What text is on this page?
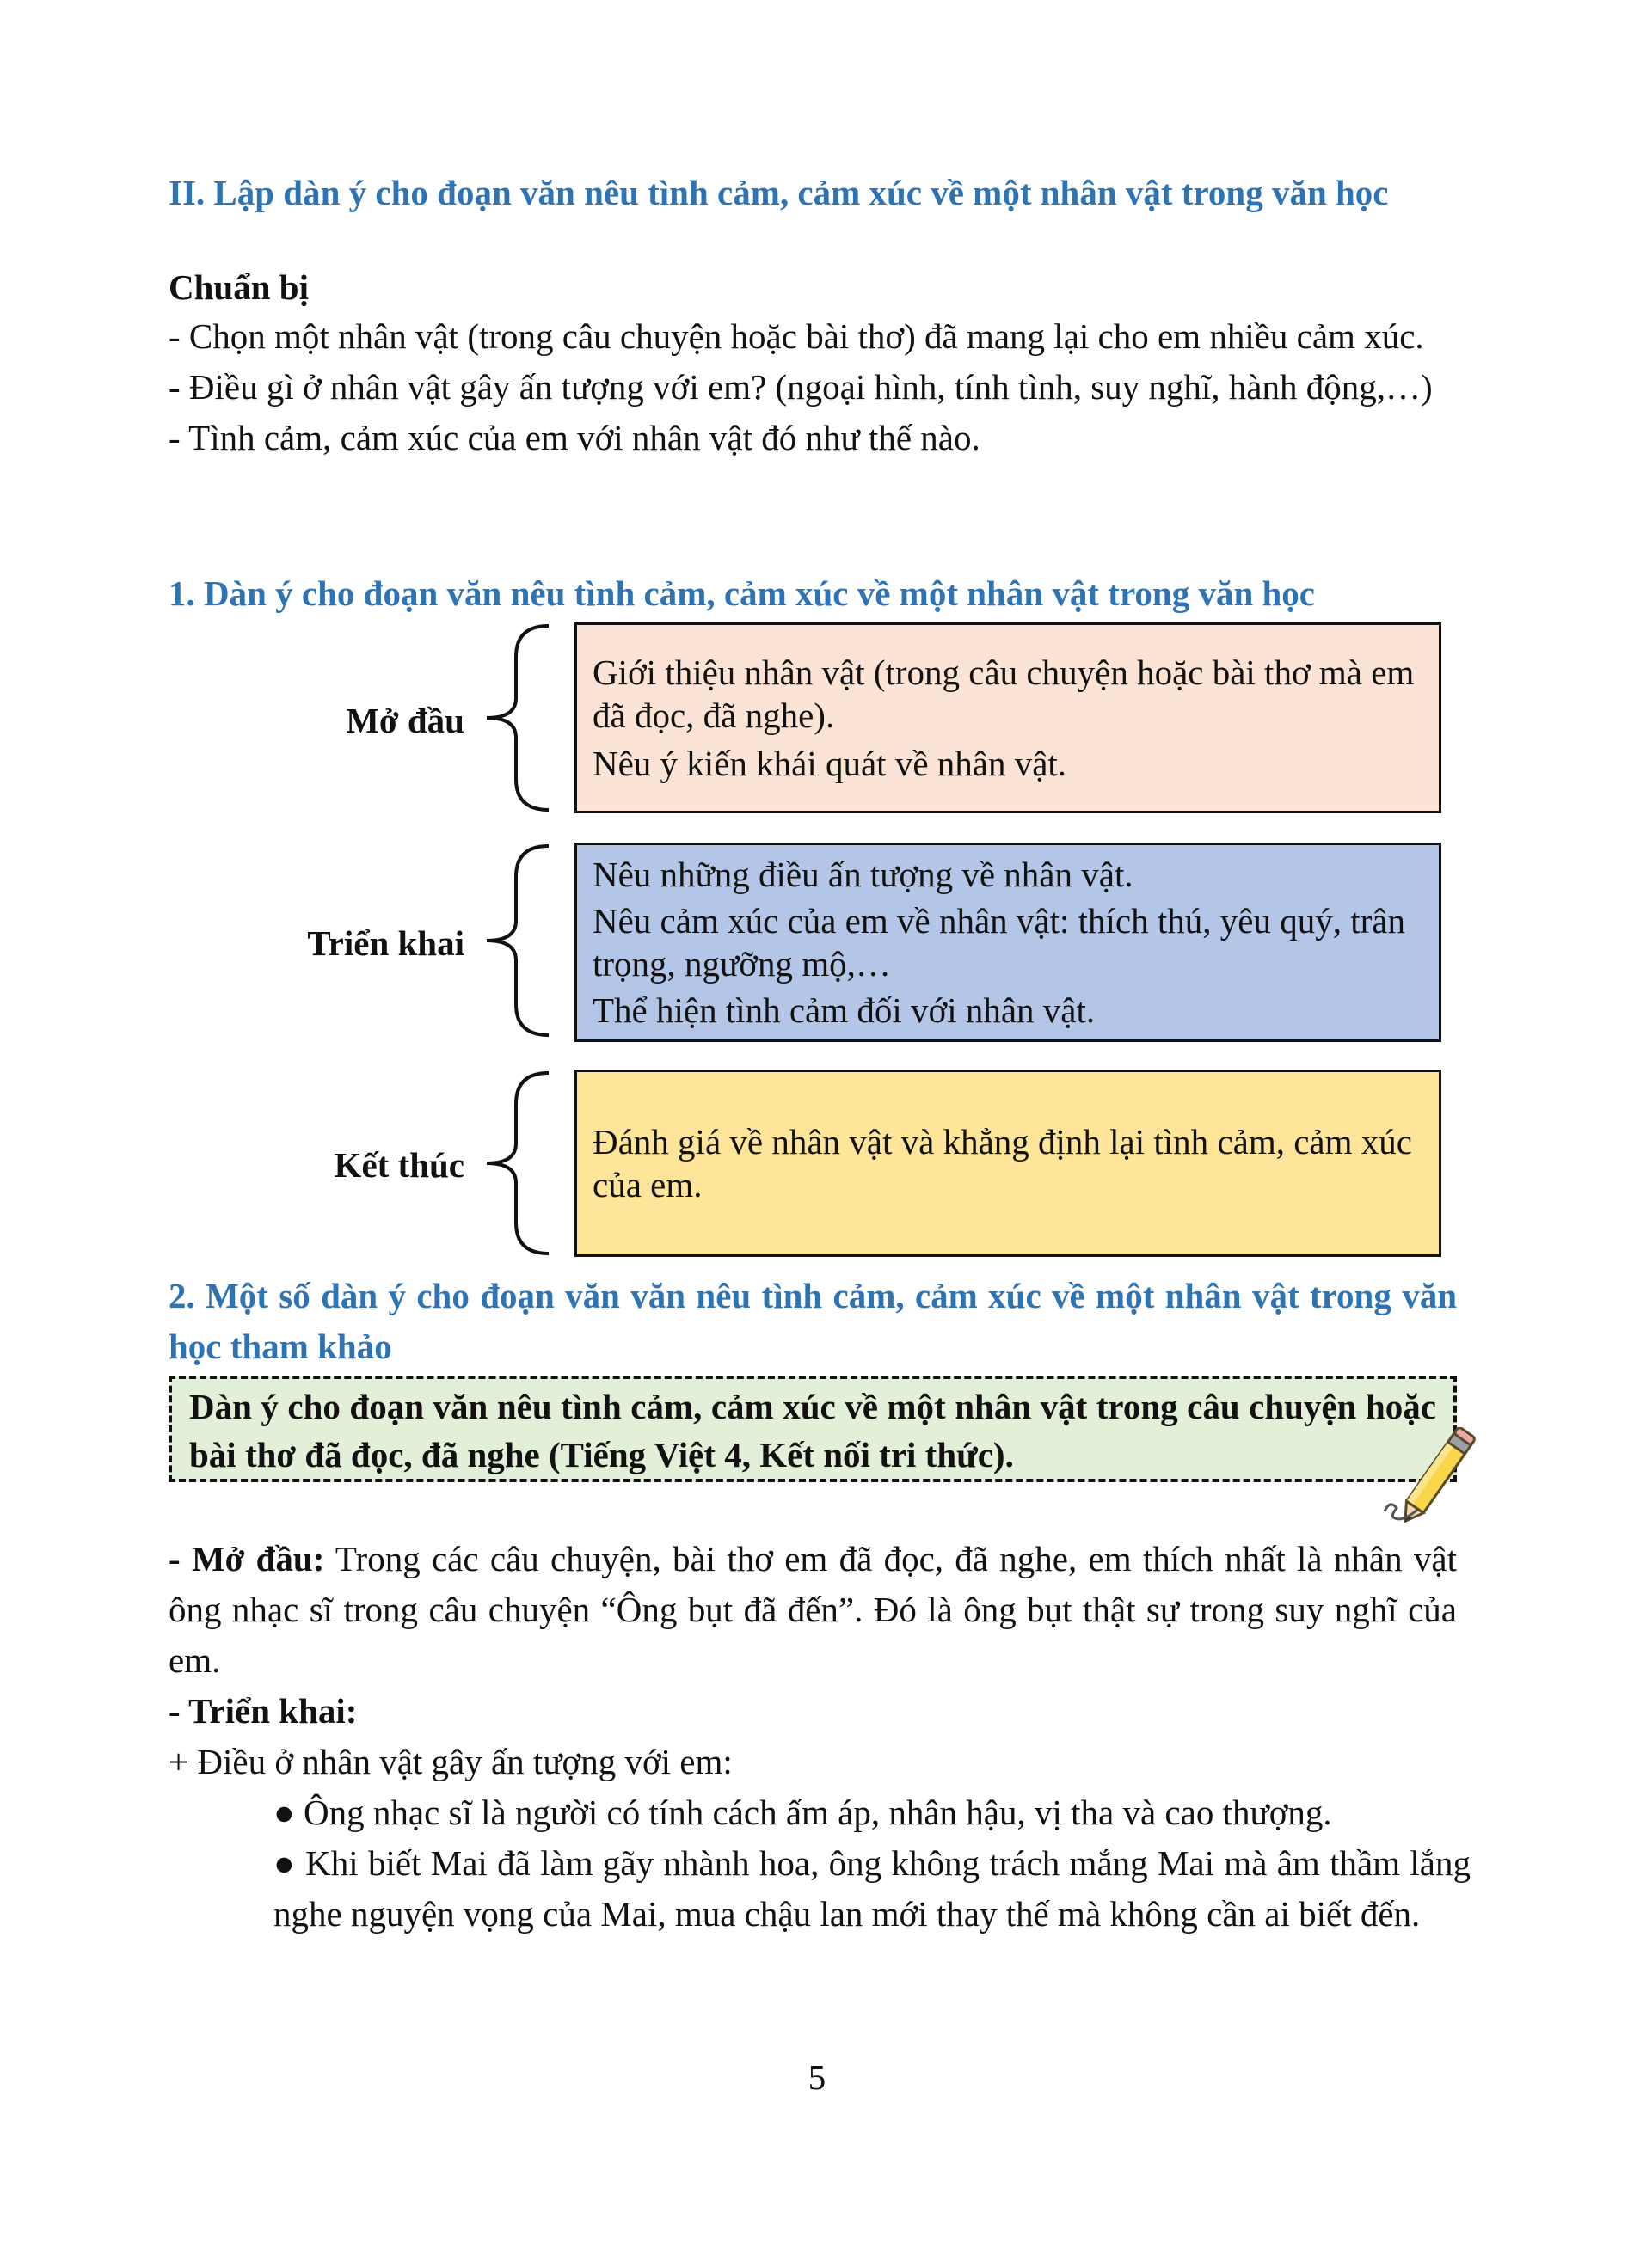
II. Lập dàn ý cho đoạn văn nêu tình cảm, cảm xúc về một nhân vật trong văn học

Chuẩn bị

- Chọn một nhân vật (trong câu chuyện hoặc bài thơ) đã mang lại cho em nhiều cảm xúc.

- Điều gì ở nhân vật gây ấn tượng với em? (ngoại hình, tính tình, suy nghĩ, hành động,…)

- Tình cảm, cảm xúc của em với nhân vật đó như thế nào.

1. Dàn ý cho đoạn văn nêu tình cảm, cảm xúc về một nhân vật trong văn học

Mở đầu

Giới thiệu nhân vật (trong câu chuyện hoặc bài thơ mà em đã đọc, đã nghe).

Nêu ý kiến khái quát về nhân vật.

Triển khai

Nêu những điều ấn tượng về nhân vật.

Nêu cảm xúc của em về nhân vật: thích thú, yêu quý, trân trọng, ngưỡng mộ,…

Thể hiện tình cảm đối với nhân vật.

Kết thúc

Đánh giá về nhân vật và khẳng định lại tình cảm, cảm xúc của em.

2. Một số dàn ý cho đoạn văn văn nêu tình cảm, cảm xúc về một nhân vật trong văn học tham khảo

Dàn ý cho đoạn văn nêu tình cảm, cảm xúc về một nhân vật trong câu chuyện hoặc bài thơ đã đọc, đã nghe (Tiếng Việt 4, Kết nối tri thức).

- Mở đầu: Trong các câu chuyện, bài thơ em đã đọc, đã nghe, em thích nhất là nhân vật ông nhạc sĩ trong câu chuyện “Ông bụt đã đến”. Đó là ông bụt thật sự trong suy nghĩ của em.

- Triển khai:

+ Điều ở nhân vật gây ấn tượng với em:

● Ông nhạc sĩ là người có tính cách ấm áp, nhân hậu, vị tha và cao thượng.

● Khi biết Mai đã làm gãy nhành hoa, ông không trách mắng Mai mà âm thầm lắng nghe nguyện vọng của Mai, mua chậu lan mới thay thế mà không cần ai biết đến.

5
